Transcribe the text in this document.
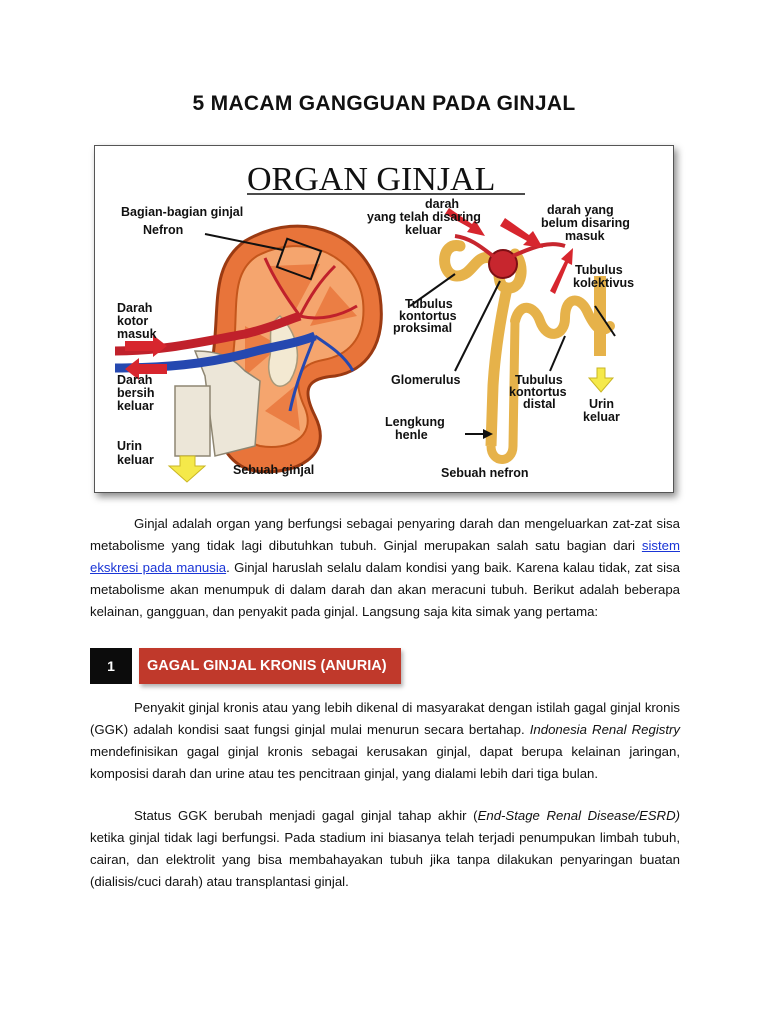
5 MACAM GANGGUAN PADA GINJAL
ORGAN GINJAL
Bagian-bagian ginjal
Nefron
Darah
kotor
masuk
Darah
bersih
keluar
Urin
keluar
Sebuah ginjal
darah
yang telah disaring
keluar
darah yang
belum disaring
masuk
Tubulus
kolektivus
Tubulus
kontortus
proksimal
Glomerulus	Tubulus
kontortus
distal	Urin
keluar
Lengkung
henle
Sebuah nefron

Ginjal adalah organ yang berfungsi sebagai penyaring darah dan mengeluarkan zat-zat sisa metabolisme yang tidak lagi dibutuhkan tubuh. Ginjal merupakan salah satu bagian dari sistem ekskresi pada manusia. Ginjal haruslah selalu dalam kondisi yang baik. Karena kalau tidak, zat sisa metabolisme akan menumpuk di dalam darah dan akan meracuni tubuh. Berikut adalah beberapa kelainan, gangguan, dan penyakit pada ginjal. Langsung saja kita simak yang pertama:

1	GAGAL GINJAL KRONIS (ANURIA)

Penyakit ginjal kronis atau yang lebih dikenal di masyarakat dengan istilah gagal ginjal kronis (GGK) adalah kondisi saat fungsi ginjal mulai menurun secara bertahap. Indonesia Renal Registry mendefinisikan gagal ginjal kronis sebagai kerusakan ginjal, dapat berupa kelainan jaringan, komposisi darah dan urine atau tes pencitraan ginjal, yang dialami lebih dari tiga bulan.

Status GGK berubah menjadi gagal ginjal tahap akhir (End-Stage Renal Disease/ESRD) ketika ginjal tidak lagi berfungsi. Pada stadium ini biasanya telah terjadi penumpukan limbah tubuh, cairan, dan elektrolit yang bisa membahayakan tubuh jika tanpa dilakukan penyaringan buatan (dialisis/cuci darah) atau transplantasi ginjal.
